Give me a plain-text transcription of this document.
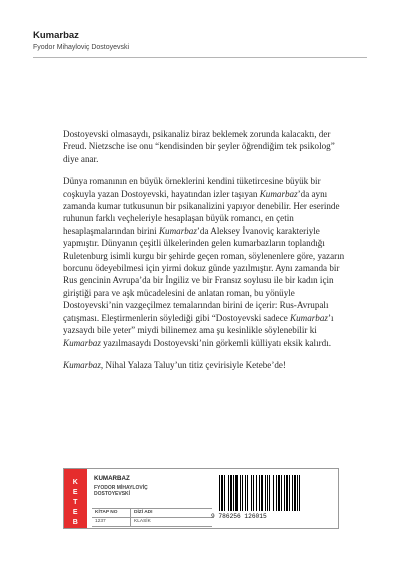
Kumarbaz
Fyodor Mihayloviç Dostoyevski

Dostoyevski olmasaydı, psikanaliz biraz beklemek zorunda kalacaktı, der Freud. Nietzsche ise onu “kendisinden bir şeyler öğrendiğim tek psikolog” diye anar.

Dünya romanının en büyük örneklerini kendini tüketircesine büyük bir coşkuyla yazan Dostoyevski, hayatından izler taşıyan Kumarbaz’da aynı zamanda kumar tutkusunun bir psikanalizini yapıyor denebilir. Her eserinde ruhunun farklı veçheleriyle hesaplaşan büyük romancı, en çetin hesaplaşmalarından birini Kumarbaz’da Aleksey İvanoviç karakteriyle yapmıştır. Dünyanın çeşitli ülkelerinden gelen kumarbazların toplandığı Ruletenburg isimli kurgu bir şehirde geçen roman, söylenenlere göre, yazarın borcunu ödeyebilmesi için yirmi dokuz günde yazılmıştır. Aynı zamanda bir Rus gencinin Avrupa’da bir İngiliz ve bir Fransız soylusu ile bir kadın için giriştiği para ve aşk mücadelesini de anlatan roman, bu yönüyle Dostoyevski’nin vazgeçilmez temalarından birini de içerir: Rus-Avrupalı çatışması. Eleştirmenlerin söylediği gibi “Dostoyevski sadece Kumarbaz’ı yazsaydı bile yeter” miydi bilinemez ama şu kesinlikle söylenebilir ki Kumarbaz yazılmasaydı Dostoyevski’nin görkemli külliyatı eksik kalırdı.

Kumarbaz, Nihal Yalaza Taluy’un titiz çevirisiyle Ketebe’de!

K
E
T
E
B
E
KUMARBAZ
FYODOR MİHAYLOVİÇ DOSTOYEVSKİ
KİTAP NO	DİZİ ADI
1237	KLASİK
9 786256 126015
